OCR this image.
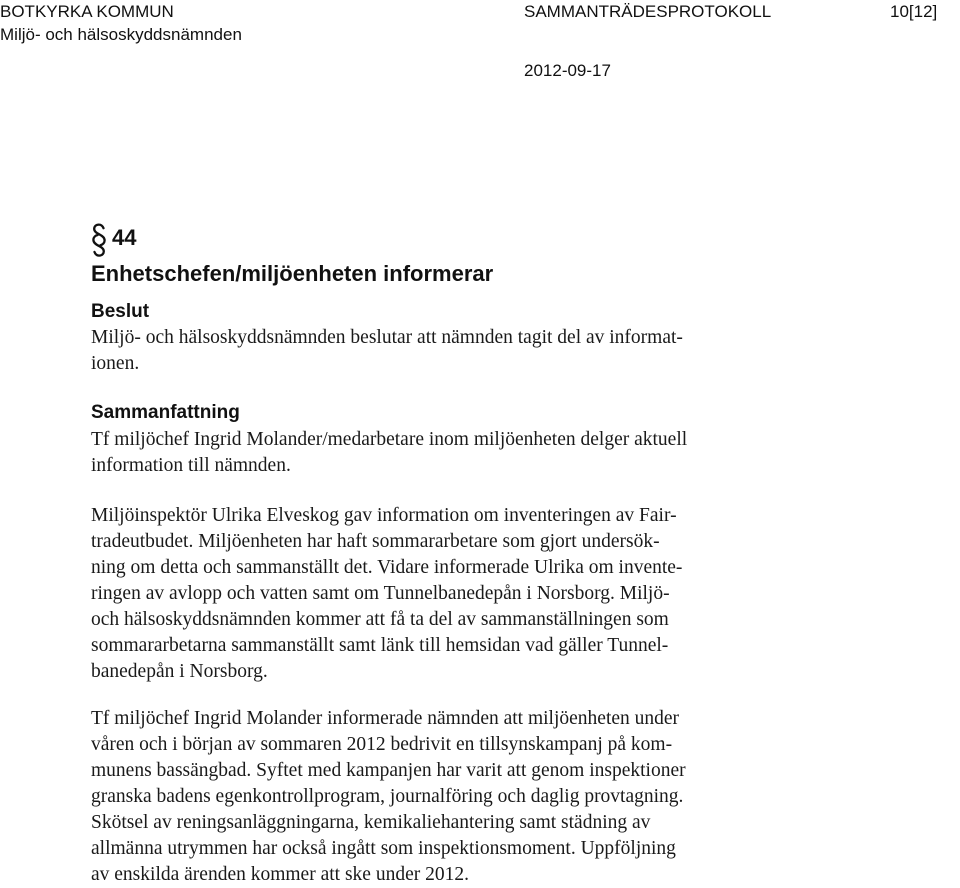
BOTKYRKA KOMMUN
Miljö- och hälsoskyddsnämnden
SAMMANTRÄDESPROTOKOLL	10[12]
2012-09-17
44
Enhetschefen/miljöenheten informerar
Beslut
Miljö- och hälsoskyddsnämnden beslutar att nämnden tagit del av informat-
ionen.
Sammanfattning
Tf miljöchef Ingrid Molander/medarbetare inom miljöenheten delger aktuell
information till nämnden.
Miljöinspektör Ulrika Elveskog gav information om inventeringen av Fair-
tradeutbudet. Miljöenheten har haft sommararbetare som gjort undersök-
ning om detta och sammanställt det. Vidare informerade Ulrika om invente-
ringen av avlopp och vatten samt om Tunnelbanedepån i Norsborg. Miljö-
och hälsoskyddsnämnden kommer att få ta del av sammanställningen som
sommararbetarna sammanställt samt länk till hemsidan vad gäller Tunnel-
banedepån i Norsborg.
Tf miljöchef Ingrid Molander informerade nämnden att miljöenheten under
våren och i början av sommaren 2012 bedrivit en tillsynskampanj på kom-
munens bassängbad. Syftet med kampanjen har varit att genom inspektioner
granska badens egenkontrollprogram, journalföring och daglig provtagning.
Skötsel av reningsanläggningarna, kemikaliehantering samt städning av
allmänna utrymmen har också ingått som inspektionsmoment. Uppföljning
av enskilda ärenden kommer att ske under 2012.
